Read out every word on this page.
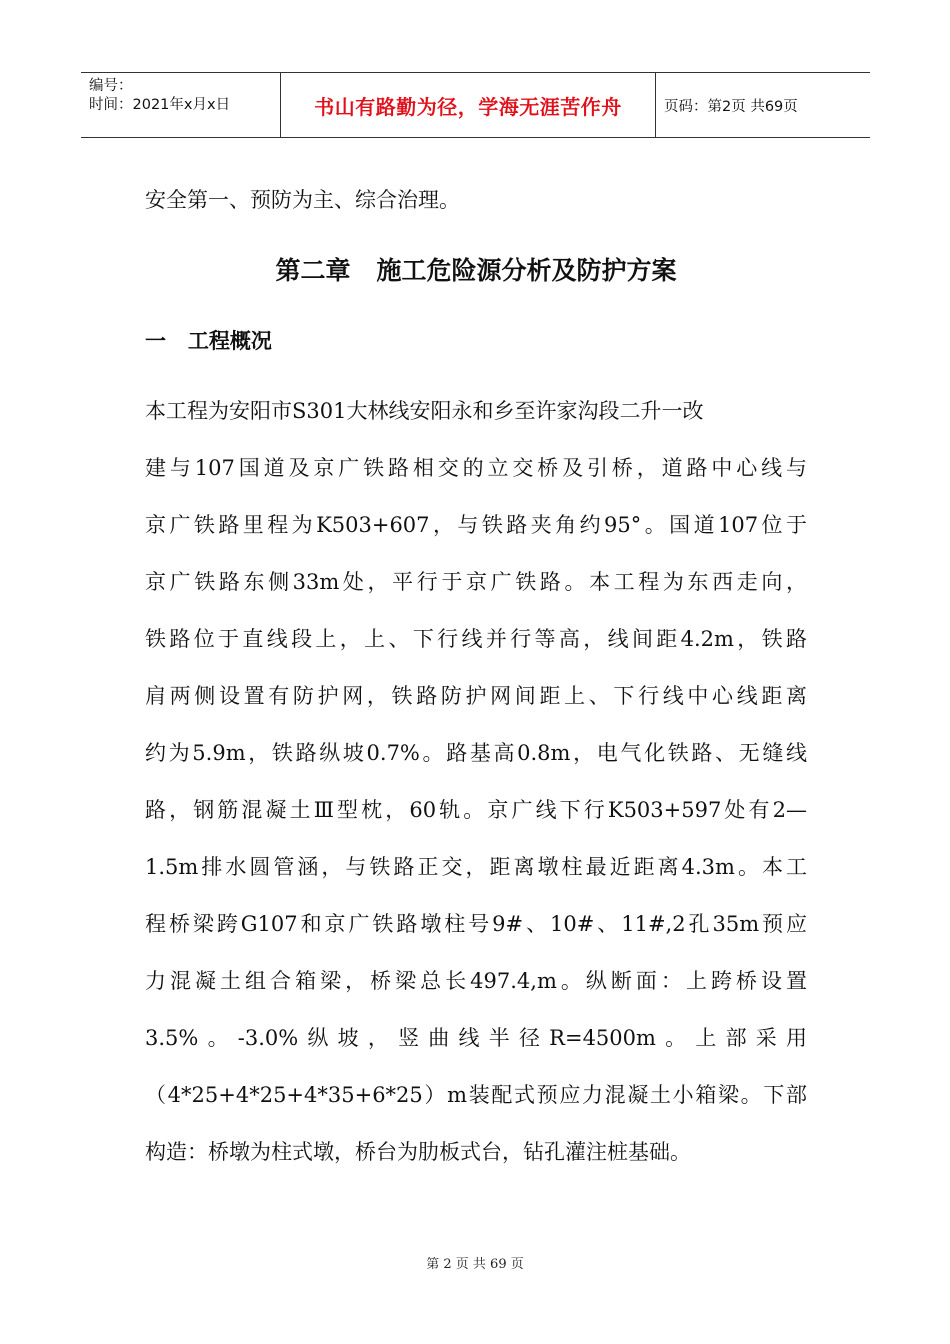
编号：
时间：2021年x月x日	书山有路勤为径，学海无涯苦作舟	页码：第2页 共69页
安全第一、预防为主、综合治理。
第二章   施工危险源分析及防护方案
一   工程概况
本工程为安阳市S301大林线安阳永和乡至许家沟段二升一改
建与107国道及京广铁路相交的立交桥及引桥，道路中心线与
京广铁路里程为K503+607，与铁路夹角约95°。国道107位于
京广铁路东侧33m处，平行于京广铁路。本工程为东西走向，
铁路位于直线段上，上、下行线并行等高，线间距4.2m，铁路
肩两侧设置有防护网，铁路防护网间距上、下行线中心线距离
约为5.9m，铁路纵坡0.7%。路基高0.8m，电气化铁路、无缝线
路，钢筋混凝土Ⅲ型枕，60轨。京广线下行K503+597处有2—
1.5m排水圆管涵，与铁路正交，距离墩柱最近距离4.3m。本工
程桥梁跨G107和京广铁路墩柱号9#、10#、11#,2孔35m预应
力混凝土组合箱梁，桥梁总长497.4,m。纵断面：上跨桥设置
3.5%。-3.0%纵坡，竖曲线半径R=4500m。上部采用
（4*25+4*25+4*35+6*25）m装配式预应力混凝土小箱梁。下部
构造：桥墩为柱式墩，桥台为肋板式台，钻孔灌注桩基础。
第 2 页 共 69 页
